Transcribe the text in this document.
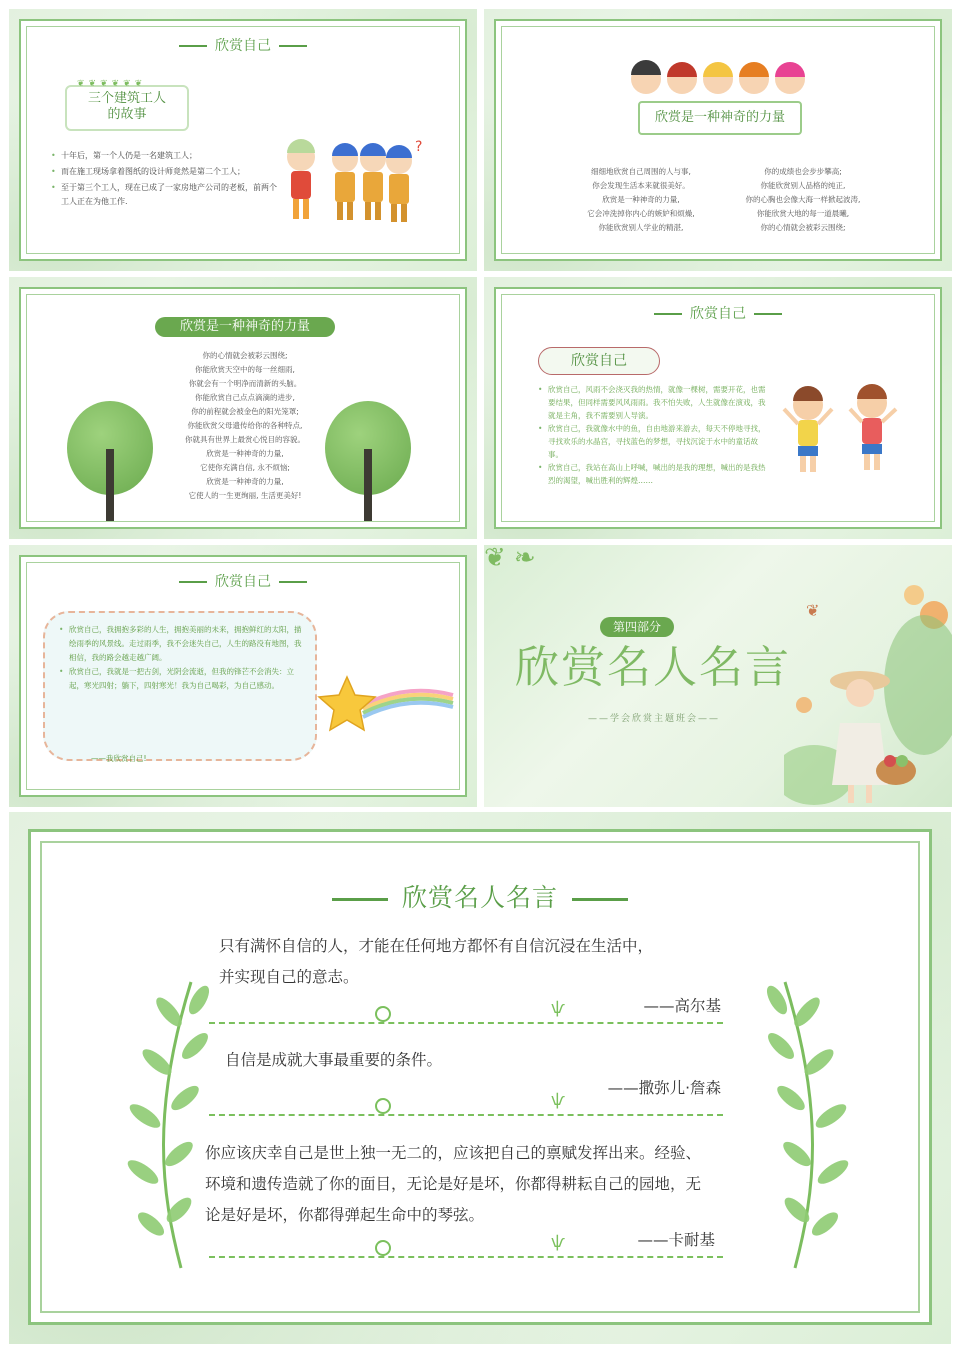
欣赏自己
三个建筑工人
的故事
❦❦❦❦❦❦
• 十年后，第一个人仍是一名建筑工人；
• 而在施工现场拿着图纸的设计师竟然是第二个工人；
• 至于第三个工人，现在已成了一家房地产公司的老板，前两个工人正在为他工作.
?
欣赏是一种神奇的力量
细细地欣赏自己周围的人与事,
你会发现生活本来就很美好。
欣赏是一种神奇的力量,
它会冲洗掉你内心的嫉妒和烦燥,
你能欣赏别人学业的精湛,
你的成绩也会步步攀高;
你能欣赏别人品格的纯正,
你的心胸也会像大海一样掀起波涛,
你能欣赏大地的每一道晨曦,
你的心情就会被彩云围绕;
欣赏是一种神奇的力量
你的心情就会被彩云围绕;
你能欣赏天空中的每一丝细雨,
你就会有一个明净而清新的头脑。
你能欣赏自己点点滴滴的进步,
你的前程就会被金色的阳光笼罩;
你能欣赏父母遗传给你的各种特点,
你就具有世界上最赏心悦目的容貌。
欣赏是一种神奇的力量,
它使你充满自信, 永不烦恼;
欣赏是一种神奇的力量,
它使人的一生更绚丽, 生活更美好!
欣赏自己
欣赏自己
• 欣赏自己，风雨不会浇灭我的热情，就像一棵树，需要开花，也需要结果，但同样需要风风雨雨。我不怕失败，人生就像在演戏，我就是主角，我不需要别人导演。
• 欣赏自己，我就像水中的鱼，自由地游来游去，每天不停地寻找，寻找欢乐的水晶宫，寻找蓝色的梦想，寻找沉淀于水中的童话故事。
• 欣赏自己，我站在高山上呼喊，喊出的是我的理想，喊出的是我热烈的渴望，喊出胜利的辉煌……
欣赏自己
• 欣赏自己，我拥抱多彩的人生，拥抱美丽的未来，拥抱鲜红的太阳，描绘雨季的风景线。走过雨季，我不会迷失自己，人生的路没有地图，我相信，我的路会越走越广阔。
• 欣赏自己，我就是一把古剑，光阴会流逝，但我的锋芒不会消失：立起，寒光四射；躺下，四射寒光！我为自己喝彩，为自己感动。
——我欣赏自己!
❦ ❧
第四部分
欣赏名人名言
——学会欣赏主题班会——
❦
欣赏名人名言
只有满怀自信的人，才能在任何地方都怀有自信沉浸在生活中，
并实现自己的意志。
——高尔基
ѱ
自信是成就大事最重要的条件。
——撒弥儿·詹森
ѱ
你应该庆幸自己是世上独一无二的，应该把自己的禀赋发挥出来。经验、
环境和遗传造就了你的面目，无论是好是坏，你都得耕耘自己的园地，无
论是好是坏，你都得弹起生命中的琴弦。
——卡耐基
ѱ
